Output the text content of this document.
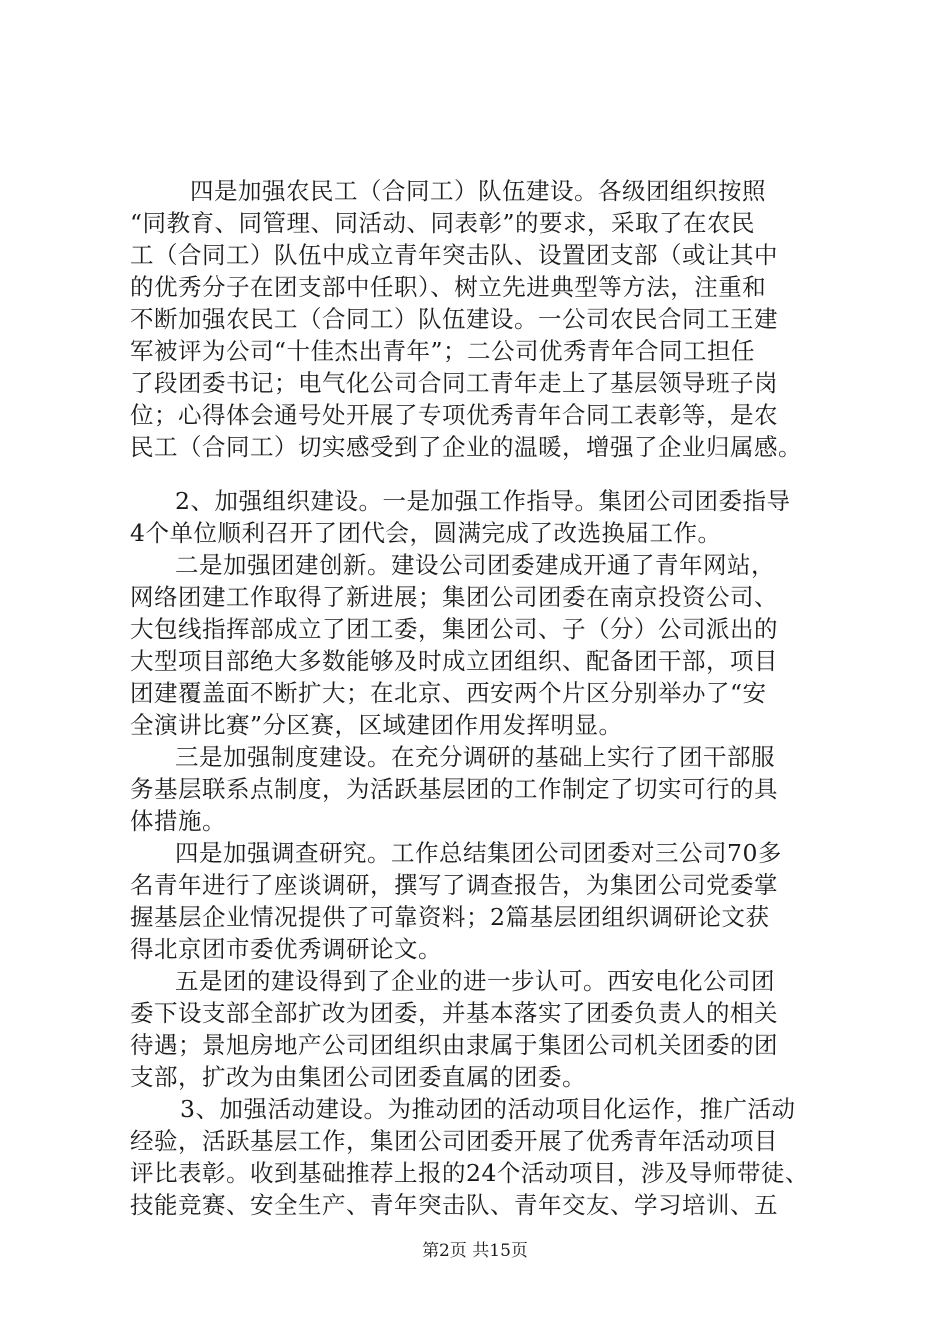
四是加强农民工（合同工）队伍建设。各级团组织按照
“同教育、同管理、同活动、同表彰”的要求，采取了在农民
工（合同工）队伍中成立青年突击队、设置团支部（或让其中
的优秀分子在团支部中任职）、树立先进典型等方法，注重和
不断加强农民工（合同工）队伍建设。一公司农民合同工王建
军被评为公司“十佳杰出青年”；二公司优秀青年合同工担任
了段团委书记；电气化公司合同工青年走上了基层领导班子岗
位；心得体会通号处开展了专项优秀青年合同工表彰等，是农
民工（合同工）切实感受到了企业的温暖，增强了企业归属感。
2、加强组织建设。一是加强工作指导。集团公司团委指导
4个单位顺利召开了团代会，圆满完成了改选换届工作。
二是加强团建创新。建设公司团委建成开通了青年网站，
网络团建工作取得了新进展；集团公司团委在南京投资公司、
大包线指挥部成立了团工委，集团公司、子（分）公司派出的
大型项目部绝大多数能够及时成立团组织、配备团干部，项目
团建覆盖面不断扩大；在北京、西安两个片区分别举办了“安
全演讲比赛”分区赛，区域建团作用发挥明显。
三是加强制度建设。在充分调研的基础上实行了团干部服
务基层联系点制度，为活跃基层团的工作制定了切实可行的具
体措施。
四是加强调查研究。工作总结集团公司团委对三公司70多
名青年进行了座谈调研，撰写了调查报告，为集团公司党委掌
握基层企业情况提供了可靠资料；2篇基层团组织调研论文获
得北京团市委优秀调研论文。
五是团的建设得到了企业的进一步认可。西安电化公司团
委下设支部全部扩改为团委，并基本落实了团委负责人的相关
待遇；景旭房地产公司团组织由隶属于集团公司机关团委的团
支部，扩改为由集团公司团委直属的团委。
3、加强活动建设。为推动团的活动项目化运作，推广活动
经验，活跃基层工作，集团公司团委开展了优秀青年活动项目
评比表彰。收到基础推荐上报的24个活动项目，涉及导师带徒、
技能竞赛、安全生产、青年突击队、青年交友、学习培训、五
第2页 共15页
